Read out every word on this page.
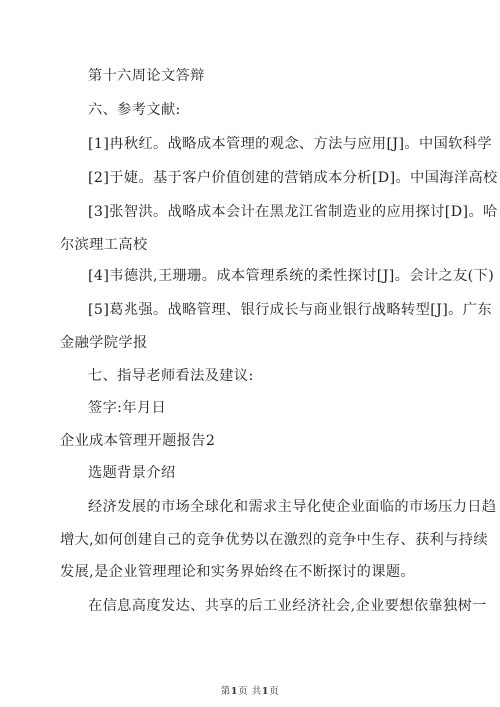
第十六周论文答辩
六、参考文献:
[1]冉秋红。战略成本管理的观念、方法与应用[J]。中国软科学
[2]于婕。基于客户价值创建的营销成本分析[D]。中国海洋高校
[3]张智洪。战略成本会计在黑龙江省制造业的应用探讨[D]。哈
尔滨理工高校
[4]韦德洪,王珊珊。成本管理系统的柔性探讨[J]。会计之友(下)
[5]葛兆强。战略管理、银行成长与商业银行战略转型[J]。广东
金融学院学报
七、指导老师看法及建议:
签字:年月日
企业成本管理开题报告2
选题背景介绍
经济发展的市场全球化和需求主导化使企业面临的市场压力日趋
增大,如何创建自己的竞争优势以在激烈的竞争中生存、获利与持续
发展,是企业管理理论和实务界始终在不断探讨的课题。
在信息高度发达、共享的后工业经济社会,企业要想依靠独树一
第1页 共1页
